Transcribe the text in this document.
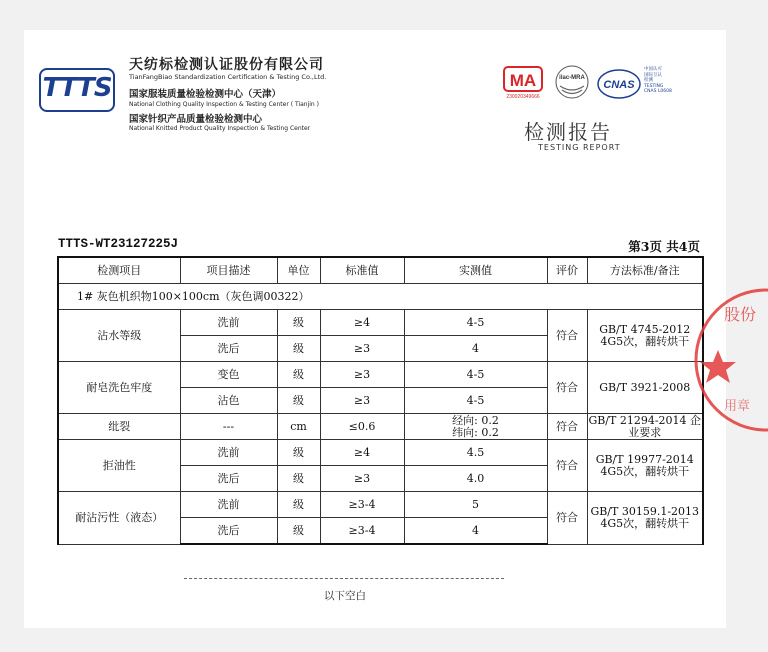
TTTS
天纺标检测认证股份有限公司
TianFangBiao Standardization Certification & Testing Co.,Ltd.
国家服装质量检验检测中心（天津）
National Clothing Quality Inspection & Testing Center ( Tianjin )
国家针织产品质量检验检测中心
National Knitted Product Quality Inspection & Testing Center
MA
230020349666
ilac-MRA
CNAS
中国认可
国际互认
检测
TESTING
CNAS L0608
检测报告
TESTING REPORT
TTTS-WT23127225J	第3页 共4页
检测项目	项目描述	单位	标准值	实测值	评价	方法标准/备注
1# 灰色机织物100×100cm（灰色调00322）						
沾水等级	洗前	级	≥4	4-5	符合	GB/T 4745-2012 4G5次，翻转烘干
	洗后	级	≥3	4		
耐皂洗色牢度	变色	级	≥3	4-5	符合	GB/T 3921-2008
	沾色	级	≥3	4-5		
纰裂	---	cm	≤0.6	经向: 0.2
纬向: 0.2	符合	GB/T 21294-2014 企业要求
拒油性	洗前	级	≥4	4.5	符合	GB/T 19977-2014 4G5次，翻转烘干
	洗后	级	≥3	4.0		
耐沾污性（液态）	洗前	级	≥3-4	5	符合	GB/T 30159.1-2013 4G5次，翻转烘干
	洗后	级	≥3-4	4		
股份
用章
以下空白
